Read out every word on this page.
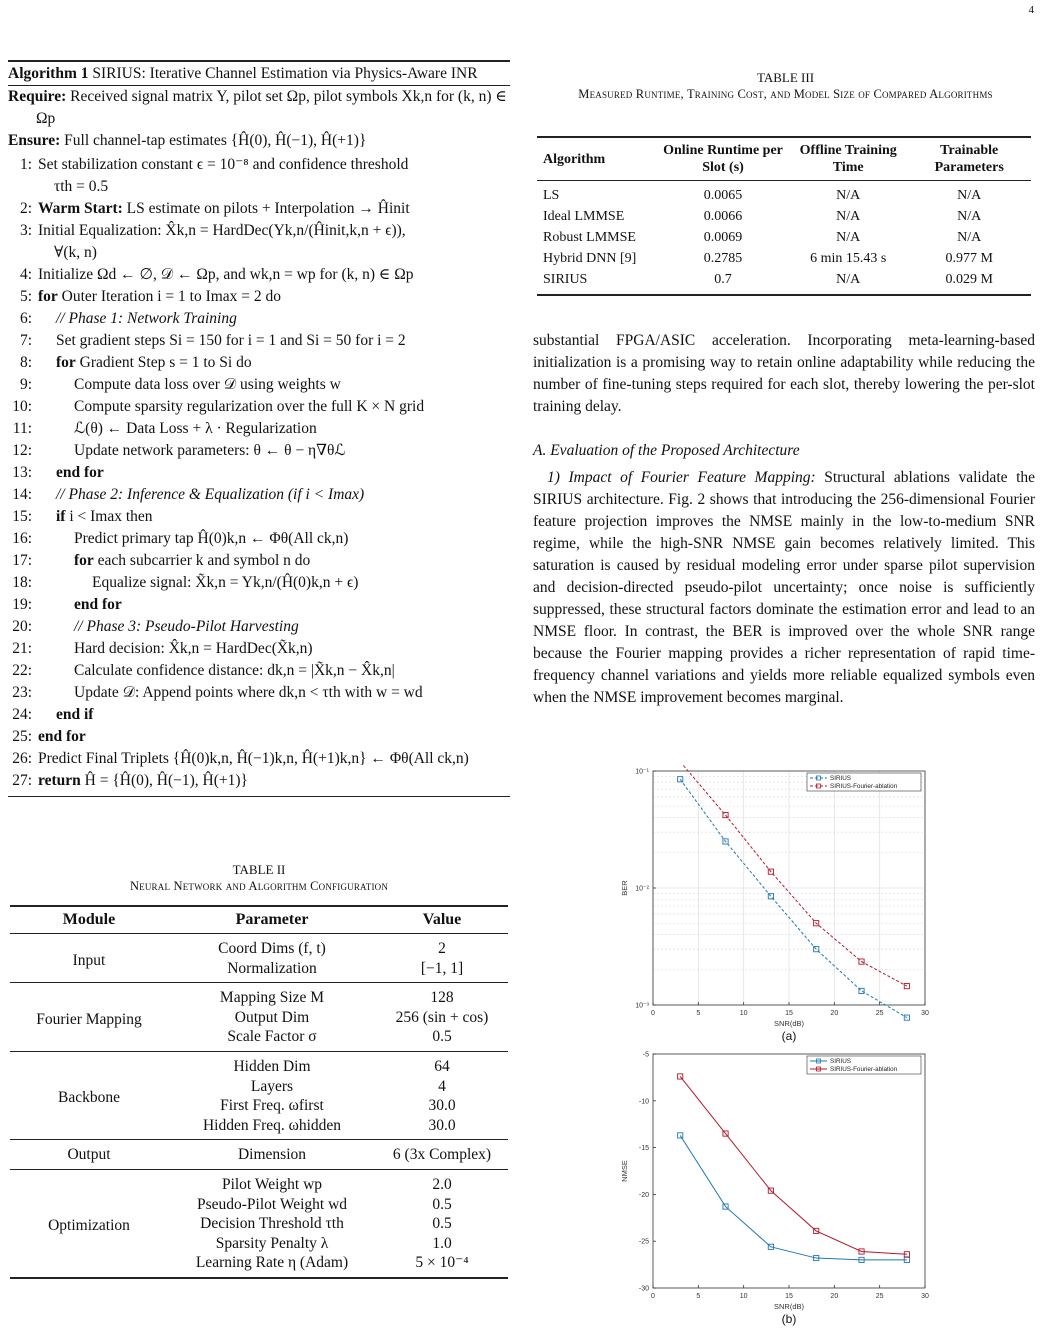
4
Algorithm 1 SIRIUS: Iterative Channel Estimation via Physics-Aware INR
Require: Received signal matrix Y, pilot set Ωp, pilot symbols Xk,n for (k, n) ∈ Ωp
Ensure: Full channel-tap estimates {Ĥ(0), Ĥ(−1), Ĥ(+1)}
1: Set stabilization constant ϵ = 10⁻⁸ and confidence threshold
τth = 0.5
2: Warm Start: LS estimate on pilots + Interpolation → Ĥinit
3: Initial Equalization: X̂k,n = HardDec(Yk,n/(Ĥinit,k,n + ϵ)),
∀(k, n)
4: Initialize Ωd ← ∅, 𝒟 ← Ωp, and wk,n = wp for (k, n) ∈ Ωp
5: for Outer Iteration i = 1 to Imax = 2 do
6: // Phase 1: Network Training
7: Set gradient steps Si = 150 for i = 1 and Si = 50 for i = 2
8: for Gradient Step s = 1 to Si do
9:	Compute data loss over 𝒟 using weights w
10:	Compute sparsity regularization over the full K × N grid
11:	ℒ(θ) ← Data Loss + λ · Regularization
12:	Update network parameters: θ ← θ − η∇θℒ
13: end for
14: // Phase 2: Inference & Equalization (if i < Imax)
15: if i < Imax then
16:	Predict primary tap Ĥ(0)k,n ← Φθ(All ck,n)
17:	for each subcarrier k and symbol n do
18:	Equalize signal: X̃k,n = Yk,n/(Ĥ(0)k,n + ϵ)
19:	end for
20:	// Phase 3: Pseudo-Pilot Harvesting
21:	Hard decision: X̂k,n = HardDec(X̃k,n)
22:	Calculate confidence distance: dk,n = |X̃k,n − X̂k,n|
23:	Update 𝒟: Append points where dk,n < τth with w = wd
24: end if
25: end for
26: Predict Final Triplets {Ĥ(0)k,n, Ĥ(−1)k,n, Ĥ(+1)k,n} ← Φθ(All ck,n)
27: return Ĥ = {Ĥ(0), Ĥ(−1), Ĥ(+1)}
TABLE II
Neural Network and Algorithm Configuration
Module	Parameter	Value
Input	Coord Dims (f, t)	2
	Normalization	[−1, 1]
Fourier Mapping	Mapping Size M	128
	Output Dim	256 (sin + cos)
	Scale Factor σ	0.5
Backbone	Hidden Dim	64
	Layers	4
	First Freq. ωfirst	30.0
	Hidden Freq. ωhidden	30.0
Output	Dimension	6 (3x Complex)
Optimization	Pilot Weight wp	2.0
	Pseudo-Pilot Weight wd	0.5
	Decision Threshold τth	0.5
	Sparsity Penalty λ	1.0
	Learning Rate η (Adam)	5 × 10⁻⁴
TABLE III
Measured Runtime, Training Cost, and Model Size of Compared Algorithms
Algorithm	Online Runtime per Slot (s)	Offline Training Time	Trainable Parameters
LS	0.0065	N/A	N/A
Ideal LMMSE	0.0066	N/A	N/A
Robust LMMSE	0.0069	N/A	N/A
Hybrid DNN [9]	0.2785	6 min 15.43 s	0.977 M
SIRIUS	0.7	N/A	0.029 M
substantial FPGA/ASIC acceleration. Incorporating meta-learning-based initialization is a promising way to retain online adaptability while reducing the number of fine-tuning steps required for each slot, thereby lowering the per-slot training delay.
A. Evaluation of the Proposed Architecture
1) Impact of Fourier Feature Mapping: Structural ablations validate the SIRIUS architecture. Fig. 2 shows that introducing the 256-dimensional Fourier feature projection improves the NMSE mainly in the low-to-medium SNR regime, while the high-SNR NMSE gain becomes relatively limited. This saturation is caused by residual modeling error under sparse pilot supervision and decision-directed pseudo-pilot uncertainty; once noise is sufficiently suppressed, these structural factors dominate the estimation error and lead to an NMSE floor. In contrast, the BER is improved over the whole SNR range because the Fourier mapping provides a richer representation of rapid time-frequency channel variations and yields more reliable equalized symbols even when the NMSE improvement becomes marginal.
0	5	10	15	20	25	30
10⁻¹
10⁻²
10⁻³
SNR(dB)
BER
SIRIUS
SIRIUS-Fourier-ablation
(a)
0	5	10	15	20	25	30
-5
-10
-15
-20
-25
-30
SNR(dB)
NMSE
SIRIUS
SIRIUS-Fourier-ablation
(b)
